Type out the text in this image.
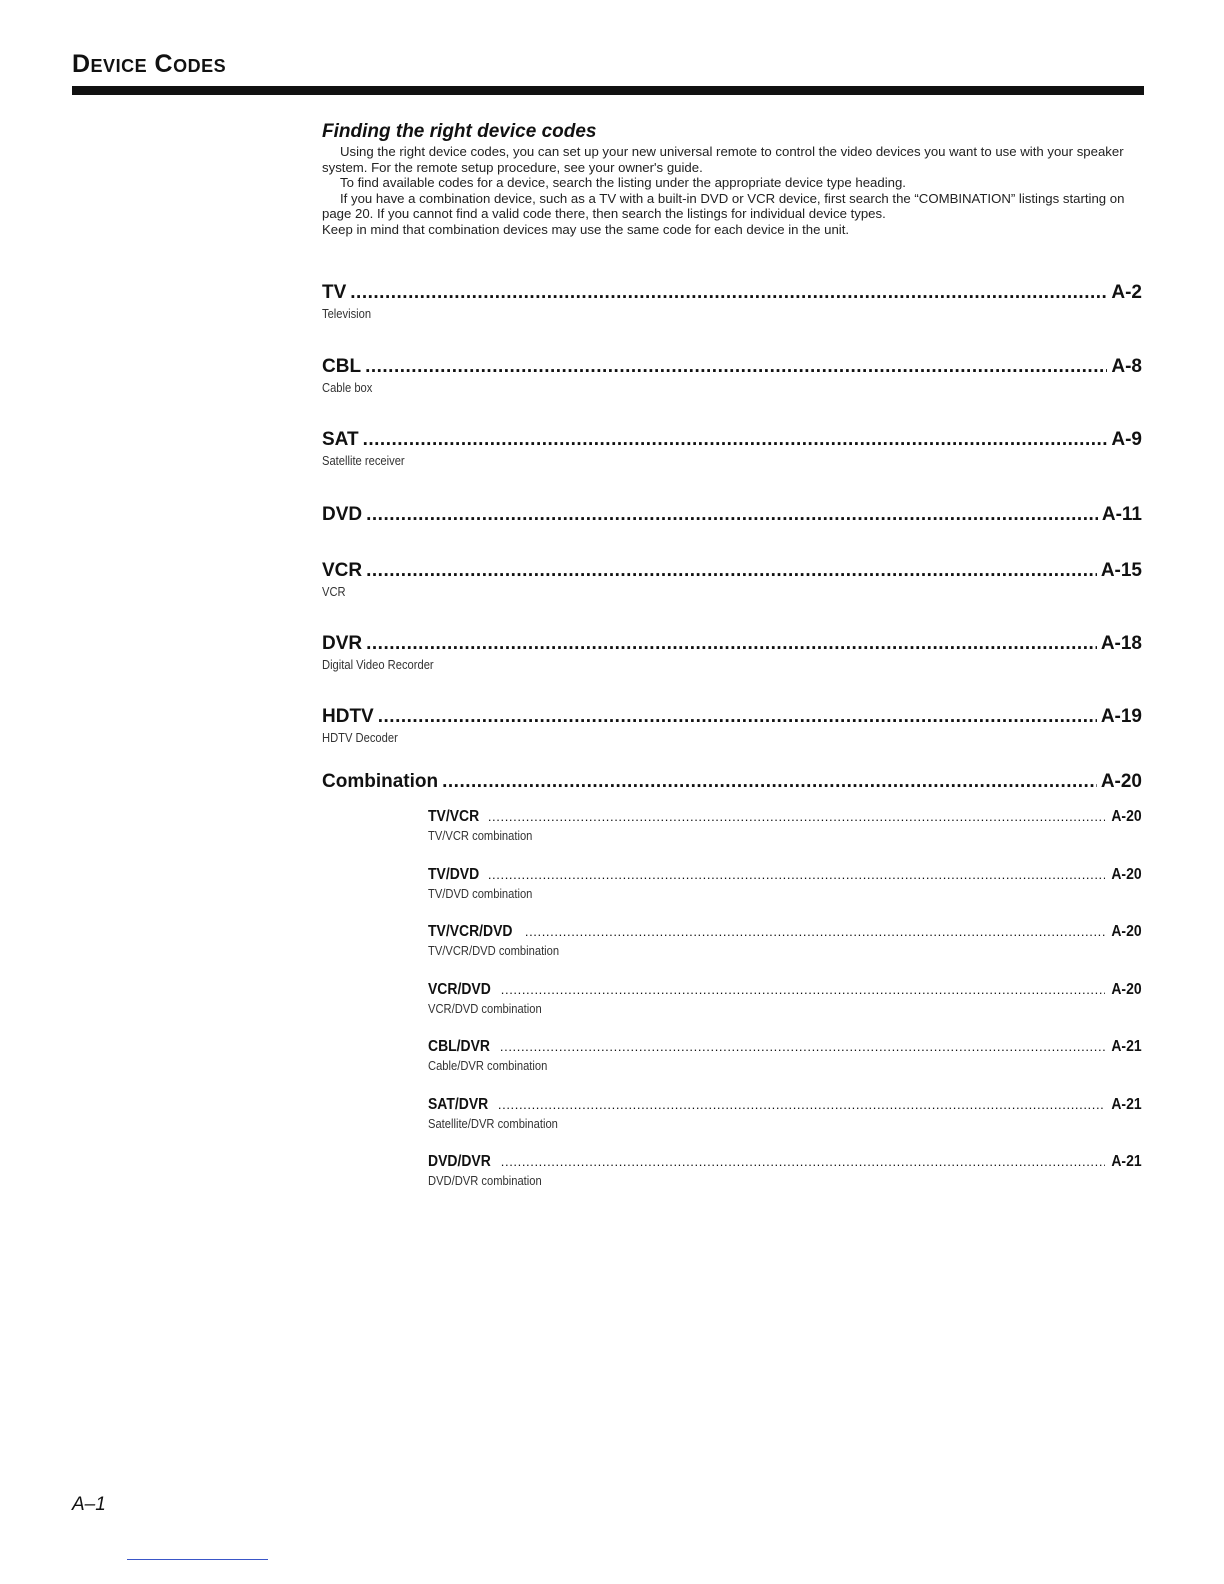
Device Codes
Finding the right device codes

Using the right device codes, you can set up your new universal remote to control the video devices you want to use with your speaker system. For the remote setup procedure, see your owner's guide.

To find available codes for a device, search the listing under the appropriate device type heading.

If you have a combination device, such as a TV with a built-in DVD or VCR device, first search the “COMBINATION” listings starting on page 20. If you cannot find a valid code there, then search the listings for individual device types.

Keep in mind that combination devices may use the same code for each device in the unit.

TV .....	A-2
Television
CBL .....	A-8
Cable box
SAT .....	A-9
Satellite receiver
DVD .....	A-11
VCR .....	A-15
VCR
DVR .....	A-18
Digital Video Recorder
HDTV .....	A-19
HDTV Decoder
Combination .....	A-20
TV/VCR .....	A-20
TV/VCR combination
TV/DVD .....	A-20
TV/DVD combination
TV/VCR/DVD .....	A-20
TV/VCR/DVD combination
VCR/DVD .....	A-20
VCR/DVD combination
CBL/DVR .....	A-21
Cable/DVR combination
SAT/DVR .....	A-21
Satellite/DVR combination
DVD/DVR .....	A-21
DVD/DVR combination
A–1
